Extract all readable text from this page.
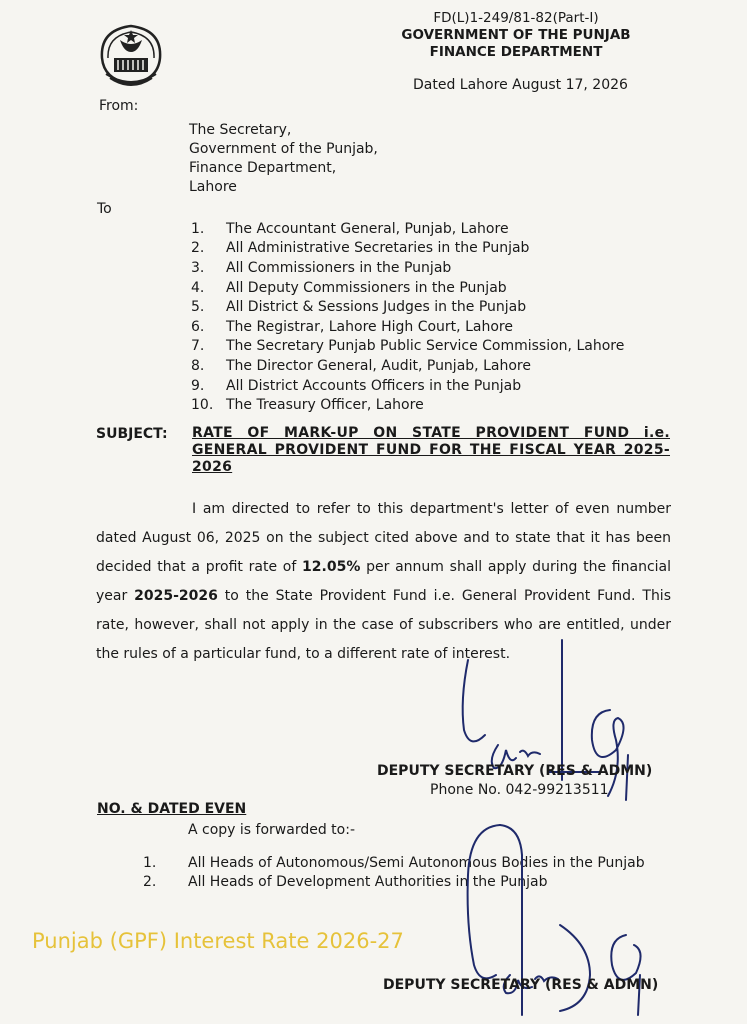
FD(L)1-249/81-82(Part-I)
GOVERNMENT OF THE PUNJAB
FINANCE DEPARTMENT
Dated Lahore August 17, 2026
From:
The Secretary,
Government of the Punjab,
Finance Department,
Lahore
To
1.	The Accountant General, Punjab, Lahore
2.	All Administrative Secretaries in the Punjab
3.	All Commissioners in the Punjab
4.	All Deputy Commissioners in the Punjab
5.	All District & Sessions Judges in the Punjab
6.	The Registrar, Lahore High Court, Lahore
7.	The Secretary Punjab Public Service Commission, Lahore
8.	The Director General, Audit, Punjab, Lahore
9.	All District Accounts Officers in the Punjab
10. The Treasury Officer, Lahore
SUBJECT: RATE OF MARK-UP ON STATE PROVIDENT FUND i.e. GENERAL PROVIDENT FUND FOR THE FISCAL YEAR 2025-2026

I am directed to refer to this department's letter of even number dated August 06, 2025 on the subject cited above and to state that it has been decided that a profit rate of 12.05% per annum shall apply during the financial year 2025-2026 to the State Provident Fund i.e. General Provident Fund. This rate, however, shall not apply in the case of subscribers who are entitled, under the rules of a particular fund, to a different rate of interest.

DEPUTY SECRETARY (RES & ADMN)
Phone No. 042-99213511
NO. & DATED EVEN
A copy is forwarded to:-
1.	All Heads of Autonomous/Semi Autonomous Bodies in the Punjab
2.	All Heads of Development Authorities in the Punjab
Punjab (GPF) Interest Rate 2026-27
DEPUTY SECRETARY (RES & ADMN)
